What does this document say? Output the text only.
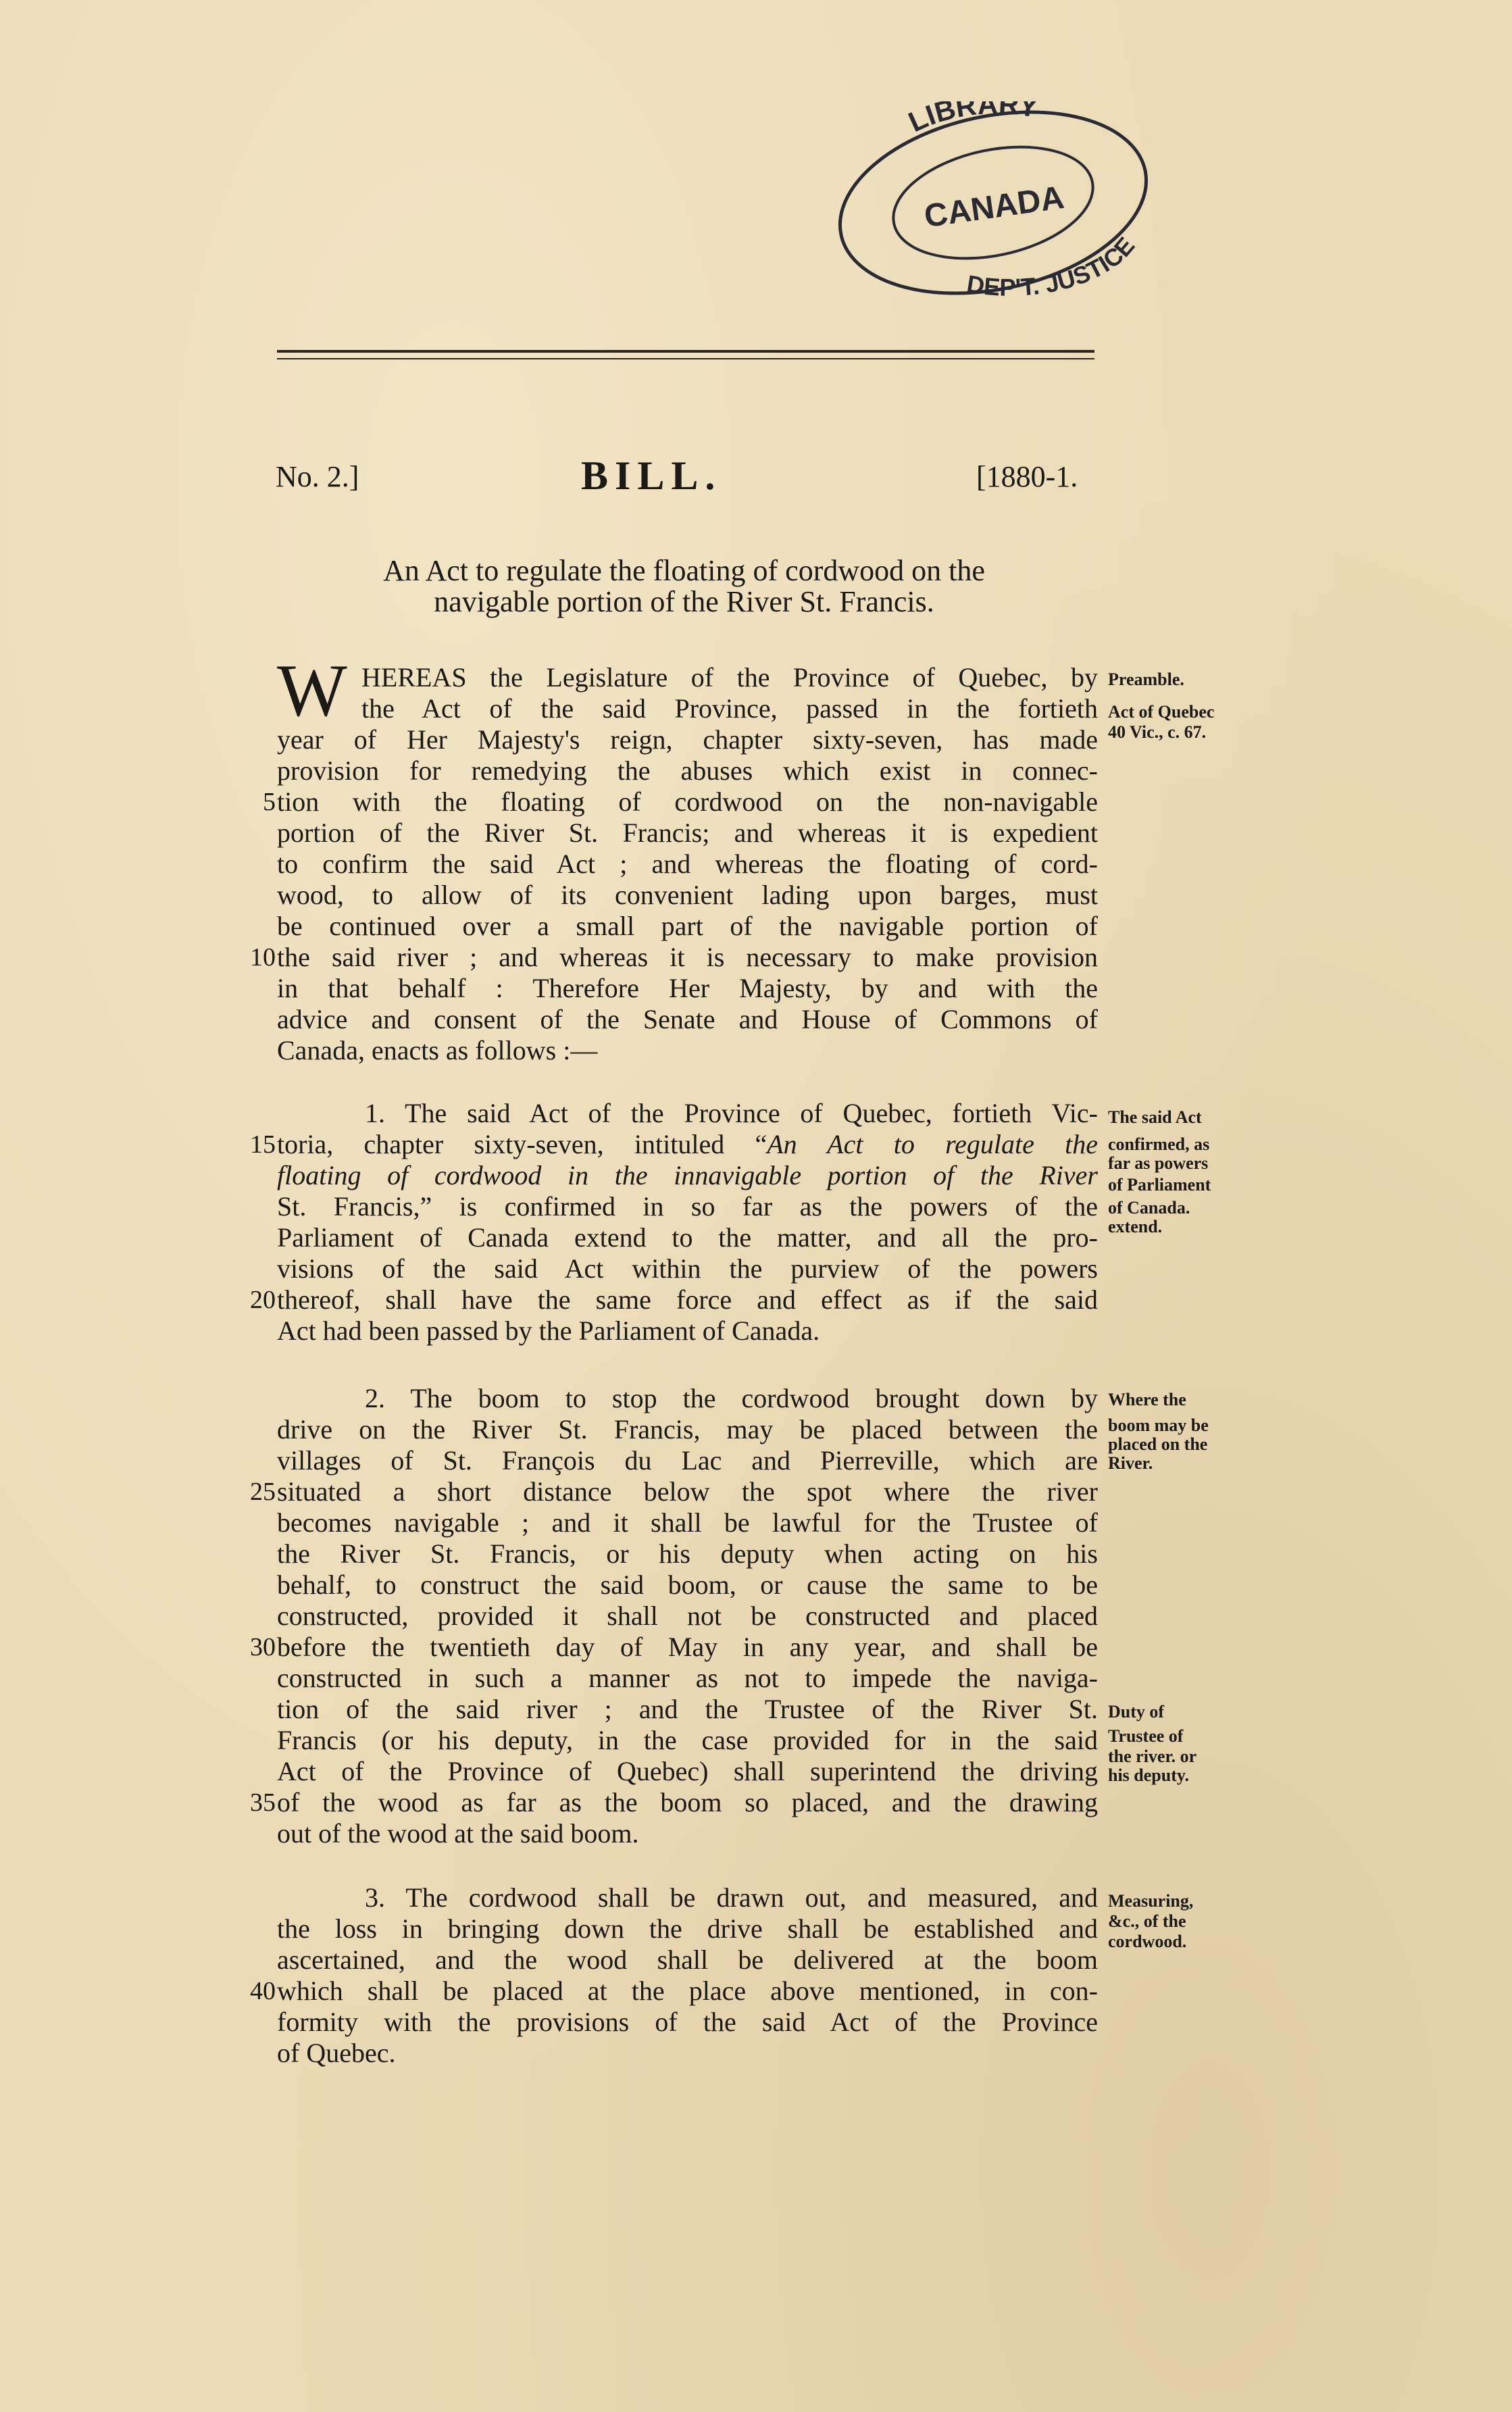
LIBRARY
CANADA
DEP'T. JUSTICE
No. 2.]	BILL.	[1880-1.
An Act to regulate the floating of cordwood on the
navigable portion of the River St. Francis.
W HEREAS the Legislature of the Province of Quebec, by
the Act of the said Province, passed in the fortieth
year of Her Majesty's reign, chapter sixty-seven, has made
provision for remedying the abuses which exist in connec-
tion with the floating of cordwood on the non-navigable
portion of the River St. Francis; and whereas it is expedient
to confirm the said Act ; and whereas the floating of cord-
wood, to allow of its convenient lading upon barges, must
be continued over a small part of the navigable portion of
the said river ; and whereas it is necessary to make provision
in that behalf : Therefore Her Majesty, by and with the
advice and consent of the Senate and House of Commons of
Canada, enacts as follows :—
1. The said Act of the Province of Quebec, fortieth Vic-
toria, chapter sixty-seven, intituled “An Act to regulate the
floating of cordwood in the innavigable portion of the River
St. Francis,” is confirmed in so far as the powers of the
Parliament of Canada extend to the matter, and all the pro-
visions of the said Act within the purview of the powers
thereof, shall have the same force and effect as if the said
Act had been passed by the Parliament of Canada.
2. The boom to stop the cordwood brought down by
drive on the River St. Francis, may be placed between the
villages of St. François du Lac and Pierreville, which are
situated a short distance below the spot where the river
becomes navigable ; and it shall be lawful for the Trustee of
the River St. Francis, or his deputy when acting on his
behalf, to construct the said boom, or cause the same to be
constructed, provided it shall not be constructed and placed
before the twentieth day of May in any year, and shall be
constructed in such a manner as not to impede the naviga-
tion of the said river ; and the Trustee of the River St.
Francis (or his deputy, in the case provided for in the said
Act of the Province of Quebec) shall superintend the driving
of the wood as far as the boom so placed, and the drawing
out of the wood at the said boom.
3. The cordwood shall be drawn out, and measured, and
the loss in bringing down the drive shall be established and
ascertained, and the wood shall be delivered at the boom
which shall be placed at the place above mentioned, in con-
formity with the provisions of the said Act of the Province
of Quebec.
5
10
15
20
25
30
35
40
Preamble.
Act of Quebec
40 Vic., c. 67.
The said Act
confirmed, as
far as powers
of Parliament
of Canada.
extend.
Where the
boom may be
placed on the
River.
Duty of
Trustee of
the river. or
his deputy.
Measuring,
&c., of the
cordwood.
